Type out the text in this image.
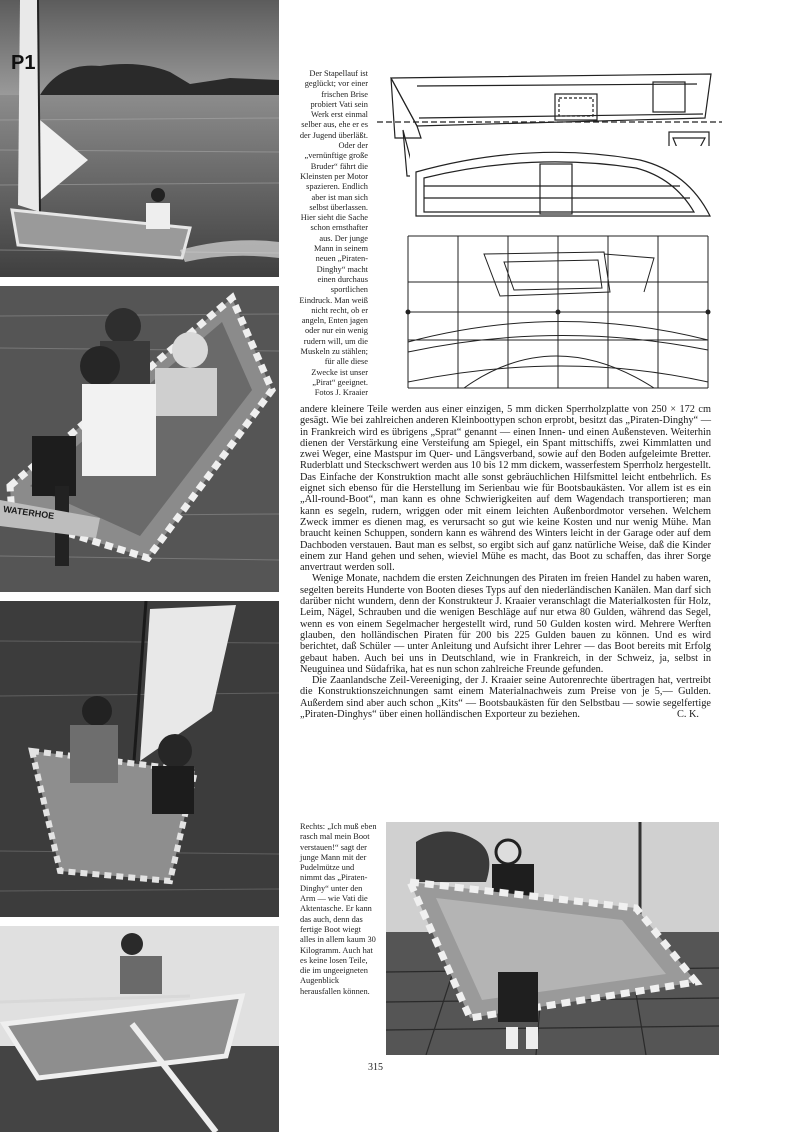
P1
WATERHOE

Der Stapellauf ist geglückt; vor einer frischen Brise probiert Vati sein Werk erst einmal selber aus, ehe er es der Jugend überläßt. Oder der „vernünftige große Bruder“ fährt die Kleinsten per Motor spazieren. Endlich aber ist man sich selbst überlassen.

Hier sieht die Sache schon ernsthafter aus. Der junge Mann in seinem neuen „Piraten-Dinghy“ macht einen durchaus sportlichen Eindruck. Man weiß nicht recht, ob er angeln, Enten jagen oder nur ein wenig rudern will, um die Muskeln zu stählen; für alle diese Zwecke ist unser „Pirat“ geeignet.

Fotos J. Kraaier

andere kleinere Teile werden aus einer einzigen, 5 mm dicken Sperrholzplatte von 250 × 172 cm gesägt. Wie bei zahlreichen anderen Kleinboottypen schon erprobt, besitzt das „Piraten-Dinghy“ — in Frankreich wird es übrigens „Sprat“ genannt — einen Innen- und einen Außensteven. Weiterhin dienen der Verstärkung eine Versteifung am Spiegel, ein Spant mittschiffs, zwei Kimmlatten und zwei Weger, eine Mastspur im Quer- und Längsverband, sowie auf den Boden aufgeleimte Bretter. Ruderblatt und Steckschwert werden aus 10 bis 12 mm dickem, wasserfestem Sperrholz hergestellt. Das Einfache der Konstruktion macht alle sonst gebräuchlichen Hilfsmittel leicht entbehrlich. Es eignet sich ebenso für die Herstellung im Serienbau wie für Bootsbaukästen. Vor allem ist es ein „All-round-Boot“, man kann es ohne Schwierigkeiten auf dem Wagendach transportieren; man kann es segeln, rudern, wriggen oder mit einem leichten Außenbordmotor versehen. Welchem Zweck immer es dienen mag, es verursacht so gut wie keine Kosten und nur wenig Mühe. Man braucht keinen Schuppen, sondern kann es während des Winters leicht in der Garage oder auf dem Dachboden verstauen. Baut man es selbst, so ergibt sich auf ganz natürliche Weise, daß die Kinder einem zur Hand gehen und sehen, wieviel Mühe es macht, das Boot zu schaffen, das ihrer Sorge anvertraut werden soll.

Wenige Monate, nachdem die ersten Zeichnungen des Piraten im freien Handel zu haben waren, segelten bereits Hunderte von Booten dieses Typs auf den niederländischen Kanälen. Man darf sich darüber nicht wundern, denn der Konstrukteur J. Kraaier veranschlagt die Materialkosten für Holz, Leim, Nägel, Schrauben und die wenigen Beschläge auf nur etwa 80 Gulden, während das Segel, wenn es von einem Segelmacher hergestellt wird, rund 50 Gulden kosten wird. Mehrere Werften glauben, den holländischen Piraten für 200 bis 225 Gulden bauen zu können. Und es wird berichtet, daß Schüler — unter Anleitung und Aufsicht ihrer Lehrer — das Boot bereits mit Erfolg gebaut haben. Auch bei uns in Deutschland, wie in Frankreich, in der Schweiz, ja, selbst in Neuguinea und Südafrika, hat es nun schon zahlreiche Freunde gefunden.

Die Zaanlandsche Zeil-Vereeniging, der J. Kraaier seine Autorenrechte übertragen hat, vertreibt die Konstruktionszeichnungen samt einem Materialnachweis zum Preise von je 5,— Gulden. Außerdem sind aber auch schon „Kits“ — Bootsbaukästen für den Selbstbau — sowie segelfertige „Piraten-Dinghys“ über einen holländischen Exporteur zu beziehen.	C. K.

Rechts: „Ich muß eben rasch mal mein Boot verstauen!“ sagt der junge Mann mit der Pudelmütze und nimmt das „Piraten-Dinghy“ unter den Arm — wie Vati die Aktentasche. Er kann das auch, denn das fertige Boot wiegt alles in allem kaum 30 Kilogramm. Auch hat es keine losen Teile, die im ungeeigneten Augenblick herausfallen können.

315
